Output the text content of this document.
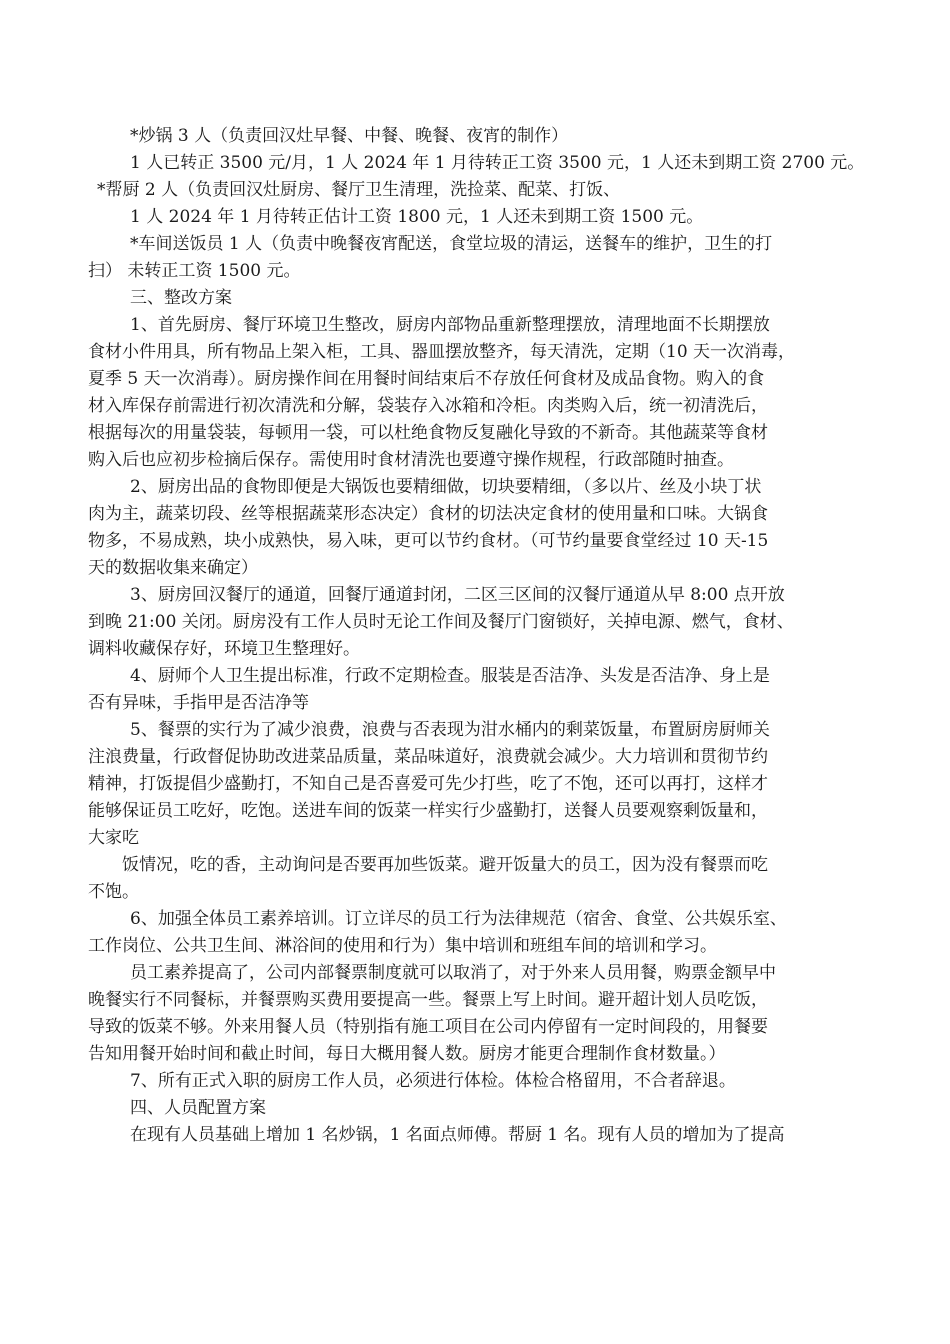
*炒锅 3 人（负责回汉灶早餐、中餐、晚餐、夜宵的制作）
1 人已转正 3500 元/月，1 人 2024 年 1 月待转正工资 3500 元，1 人还未到期工资 2700 元。
*帮厨 2 人（负责回汉灶厨房、餐厅卫生清理，洗捡菜、配菜、打饭、
1 人 2024 年 1 月待转正估计工资 1800 元，1 人还未到期工资 1500 元。
*车间送饭员 1 人（负责中晚餐夜宵配送，食堂垃圾的清运，送餐车的维护，卫生的打
扫） 未转正工资 1500 元。
三、整改方案
1、首先厨房、餐厅环境卫生整改，厨房内部物品重新整理摆放，清理地面不长期摆放
食材小件用具，所有物品上架入柜，工具、器皿摆放整齐，每天清洗，定期（10 天一次消毒，
夏季 5 天一次消毒）。厨房操作间在用餐时间结束后不存放任何食材及成品食物。购入的食
材入库保存前需进行初次清洗和分解，袋装存入冰箱和冷柜。肉类购入后，统一初清洗后，
根据每次的用量袋装，每顿用一袋，可以杜绝食物反复融化导致的不新奇。其他蔬菜等食材
购入后也应初步检摘后保存。需使用时食材清洗也要遵守操作规程，行政部随时抽查。
2、厨房出品的食物即便是大锅饭也要精细做，切块要精细，（多以片、丝及小块丁状
肉为主，蔬菜切段、丝等根据蔬菜形态决定）食材的切法决定食材的使用量和口味。大锅食
物多，不易成熟，块小成熟快，易入味，更可以节约食材。（可节约量要食堂经过 10 天-15
天的数据收集来确定）
3、厨房回汉餐厅的通道，回餐厅通道封闭，二区三区间的汉餐厅通道从早 8:00 点开放
到晚 21:00 关闭。厨房没有工作人员时无论工作间及餐厅门窗锁好，关掉电源、燃气，食材、
调料收藏保存好，环境卫生整理好。
4、厨师个人卫生提出标准，行政不定期检查。服装是否洁净、头发是否洁净、身上是
否有异味，手指甲是否洁净等
5、餐票的实行为了减少浪费，浪费与否表现为泔水桶内的剩菜饭量，布置厨房厨师关
注浪费量，行政督促协助改进菜品质量，菜品味道好，浪费就会减少。大力培训和贯彻节约
精神，打饭提倡少盛勤打，不知自己是否喜爱可先少打些，吃了不饱，还可以再打，这样才
能够保证员工吃好，吃饱。送进车间的饭菜一样实行少盛勤打，送餐人员要观察剩饭量和，
大家吃
饭情况，吃的香，主动询问是否要再加些饭菜。避开饭量大的员工，因为没有餐票而吃
不饱。
6、加强全体员工素养培训。订立详尽的员工行为法律规范（宿舍、食堂、公共娱乐室、
工作岗位、公共卫生间、淋浴间的使用和行为）集中培训和班组车间的培训和学习。
员工素养提高了，公司内部餐票制度就可以取消了，对于外来人员用餐，购票金额早中
晚餐实行不同餐标，并餐票购买费用要提高一些。餐票上写上时间。避开超计划人员吃饭，
导致的饭菜不够。外来用餐人员（特别指有施工项目在公司内停留有一定时间段的，用餐要
告知用餐开始时间和截止时间，每日大概用餐人数。厨房才能更合理制作食材数量。）
7、所有正式入职的厨房工作人员，必须进行体检。体检合格留用，不合者辞退。
四、人员配置方案
在现有人员基础上增加 1 名炒锅，1 名面点师傅。帮厨 1 名。现有人员的增加为了提高
